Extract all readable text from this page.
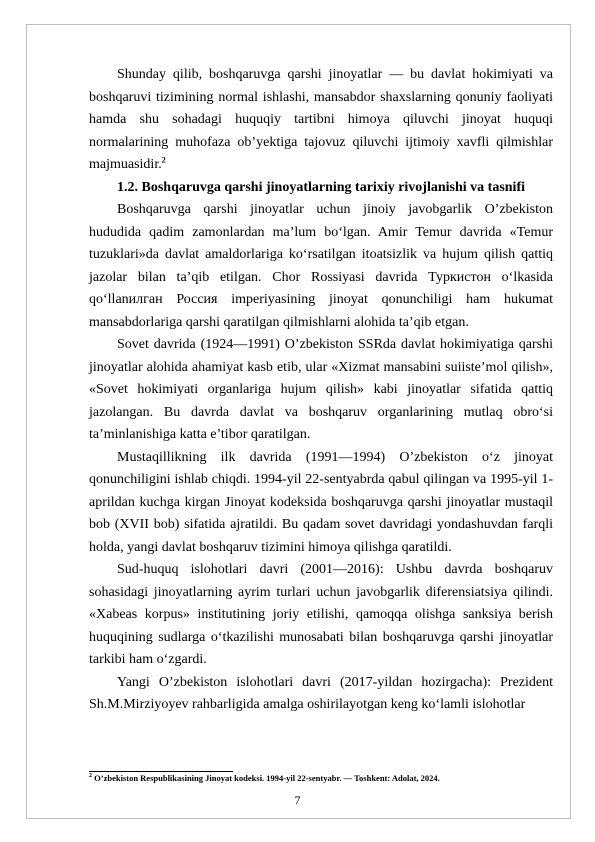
Shunday qilib, boshqaruvga qarshi jinoyatlar — bu davlat hokimiyati va boshqaruvi tizimining normal ishlashi, mansabdor shaxslarning qonuniy faoliyati hamda shu sohadagi huquqiy tartibni himoya qiluvchi jinoyat huquqi normalarining muhofaza ob’yektiga tajovuz qiluvchi ijtimoiy xavfli qilmishlar majmuasidir.$^2$

1.2. Boshqaruvga qarshi jinoyatlarning tarixiy rivojlanishi va tasnifi

Boshqaruvga qarshi jinoyatlar uchun jinoiy javobgarlik O’zbekiston hududida qadim zamonlardan ma’lum bo‘lgan. Amir Temur davrida «Temur tuzuklari»da davlat amaldorlariga ko‘rsatilgan itoatsizlik va hujum qilish qattiq jazolar bilan ta’qib etilgan. Chor Rossiyasi davrida Туркистон o‘lkasida qo‘llanилган Россия imperiyasining jinoyat qonunchiligi ham hukumat mansabdorlariga qarshi qaratilgan qilmishlarni alohida ta’qib etgan.

Sovet davrida (1924—1991) O’zbekiston SSRda davlat hokimiyatiga qarshi jinoyatlar alohida ahamiyat kasb etib, ular «Xizmat mansabini suiiste’mol qilish», «Sovet hokimiyati organlariga hujum qilish» kabi jinoyatlar sifatida qattiq jazolangan. Bu davrda davlat va boshqaruv organlarining mutlaq obro‘si ta’minlanishiga katta e’tibor qaratilgan.

Mustaqillikning ilk davrida (1991—1994) O’zbekiston o‘z jinoyat qonunchiligini ishlab chiqdi. 1994-yil 22-sentyabrda qabul qilingan va 1995-yil 1-aprildan kuchga kirgan Jinoyat kodeksida boshqaruvga qarshi jinoyatlar mustaqil bob (XVII bob) sifatida ajratildi. Bu qadam sovet davridagi yondashuvdan farqli holda, yangi davlat boshqaruv tizimini himoya qilishga qaratildi.

Sud-huquq islohotlari davri (2001—2016): Ushbu davrda boshqaruv sohasidagi jinoyatlarning ayrim turlari uchun javobgarlik diferensiatsiya qilindi. «Xabeas korpus» institutining joriy etilishi, qamoqqa olishga sanksiya berish huquqining sudlarga o‘tkazilishi munosabati bilan boshqaruvga qarshi jinoyatlar tarkibi ham o‘zgardi.

Yangi O’zbekiston islohotlari davri (2017-yildan hozirgacha): Prezident Sh.M.Mirziyoyev rahbarligida amalga oshirilayotgan keng ko‘lamli islohotlar

$^2$ O’zbekiston Respublikasining Jinoyat kodeksi. 1994-yil 22-sentyabr. — Toshkent: Adolat, 2024.
7
